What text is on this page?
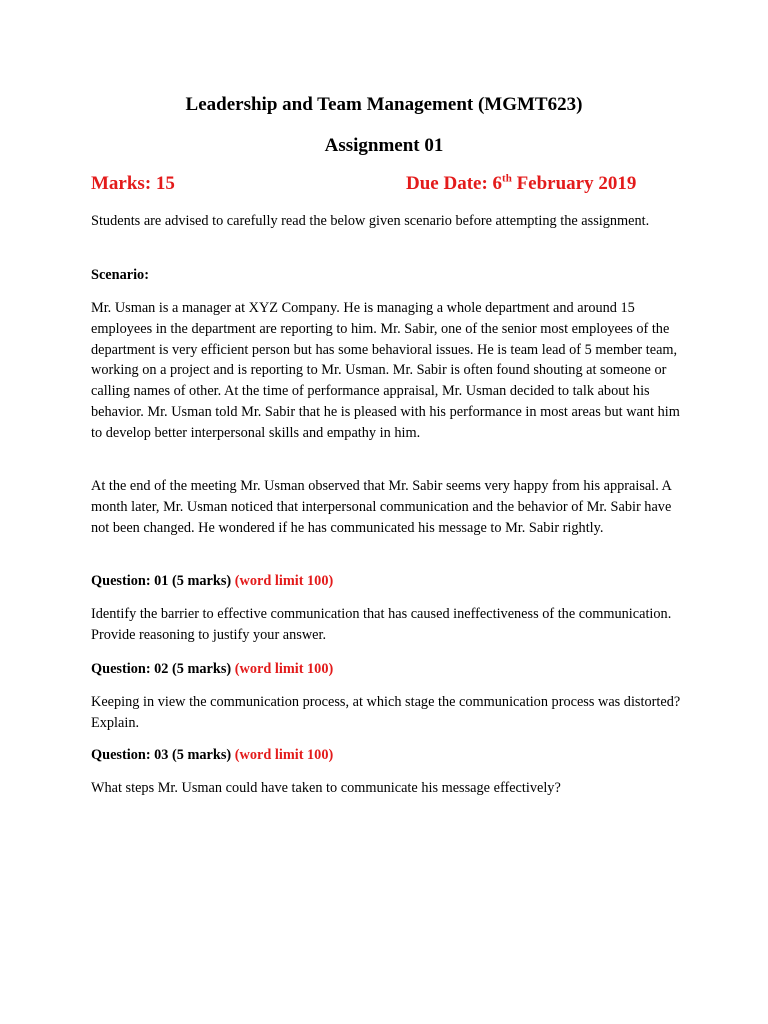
Leadership and Team Management (MGMT623)
Assignment 01
Marks: 15	Due Date: 6th February 2019

Students are advised to carefully read the below given scenario before attempting the assignment.

Scenario:

Mr. Usman is a manager at XYZ Company. He is managing a whole department and around 15 employees in the department are reporting to him. Mr. Sabir, one of the senior most employees of the department is very efficient person but has some behavioral issues. He is team lead of 5 member team, working on a project and is reporting to Mr. Usman. Mr. Sabir is often found shouting at someone or calling names of other. At the time of performance appraisal, Mr. Usman decided to talk about his behavior. Mr. Usman told Mr. Sabir that he is pleased with his performance in most areas but want him to develop better interpersonal skills and empathy in him.

At the end of the meeting Mr. Usman observed that Mr. Sabir seems very happy from his appraisal. A month later, Mr. Usman noticed that interpersonal communication and the behavior of Mr. Sabir have not been changed. He wondered if he has communicated his message to Mr. Sabir rightly.

Question: 01 (5 marks) (word limit 100)

Identify the barrier to effective communication that has caused ineffectiveness of the communication. Provide reasoning to justify your answer.

Question: 02 (5 marks) (word limit 100)

Keeping in view the communication process, at which stage the communication process was distorted? Explain.

Question: 03 (5 marks) (word limit 100)

What steps Mr. Usman could have taken to communicate his message effectively?
